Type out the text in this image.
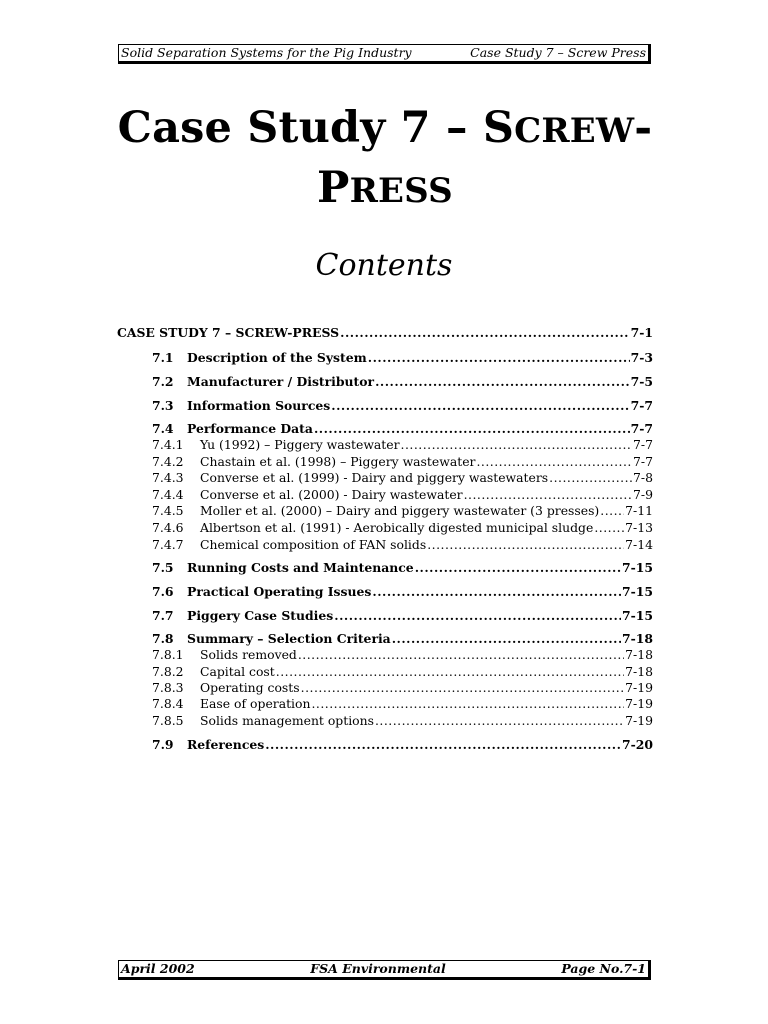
Solid Separation Systems for the Pig Industry	Case Study 7 – Screw Press
Case Study 7 – SCREW-
PRESS
Contents
CASE STUDY 7 – SCREW-PRESS .....	7-1
7.1	Description of the System .....	7-3
7.2	Manufacturer / Distributor .....	7-5
7.3	Information Sources .....	7-7
7.4	Performance Data .....	7-7
7.4.1	Yu (1992) – Piggery wastewater .....	7-7
7.4.2	Chastain et al. (1998) – Piggery wastewater .....	7-7
7.4.3	Converse et al. (1999) - Dairy and piggery wastewaters .....	7-8
7.4.4	Converse et al. (2000) - Dairy wastewater .....	7-9
7.4.5	Moller et al. (2000) – Dairy and piggery wastewater (3 presses) ..... 7-11
7.4.6	Albertson et al. (1991) - Aerobically digested municipal sludge .....	7-13
7.4.7	Chemical composition of FAN solids .....	7-14
7.5	Running Costs and Maintenance .....	7-15
7.6	Practical Operating Issues .....	7-15
7.7	Piggery Case Studies .....	7-15
7.8	Summary – Selection Criteria .....	7-18
7.8.1	Solids removed .....	7-18
7.8.2	Capital cost .....	7-18
7.8.3	Operating costs .....	7-19
7.8.4	Ease of operation .....	7-19
7.8.5	Solids management options .....	7-19
7.9	References .....	7-20
April 2002	FSA Environmental	Page No.7-1
